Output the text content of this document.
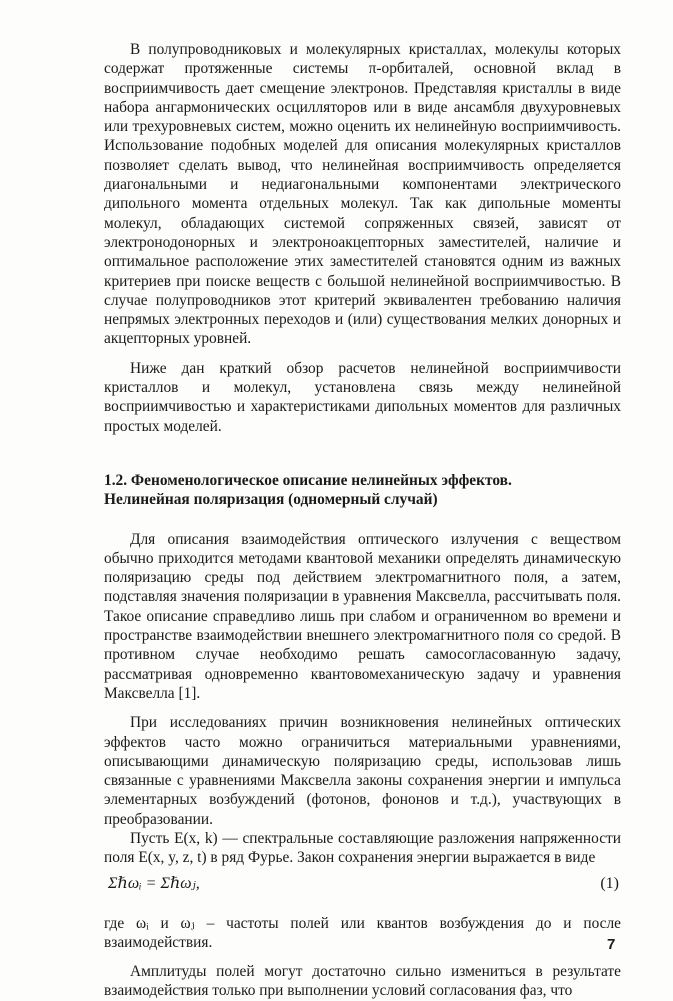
В полупроводниковых и молекулярных кристаллах, молекулы которых содержат протяженные системы π-орбиталей, основной вклад в восприимчивость дает смещение электронов. Представляя кристаллы в виде набора ангармонических осцилляторов или в виде ансамбля двухуровневых или трехуровневых систем, можно оценить их нелинейную восприимчивость. Использование подобных моделей для описания молекулярных кристаллов позволяет сделать вывод, что нелинейная восприимчивость определяется диагональными и недиагональными компонентами электрического дипольного момента отдельных молекул. Так как дипольные моменты молекул, обладающих системой сопряженных связей, зависят от электронодонорных и электроноакцепторных заместителей, наличие и оптимальное расположение этих заместителей становятся одним из важных критериев при поиске веществ с большой нелинейной восприимчивостью. В случае полупроводников этот критерий эквивалентен требованию наличия непрямых электронных переходов и (или) существования мелких донорных и акцепторных уровней.

Ниже дан краткий обзор расчетов нелинейной восприимчивости кристаллов и молекул, установлена связь между нелинейной восприимчивостью и характеристиками дипольных моментов для различных простых моделей.

1.2. Феноменологическое описание нелинейных эффектов.
Нелинейная поляризация (одномерный случай)

Для описания взаимодействия оптического излучения с веществом обычно приходится методами квантовой механики определять динамическую поляризацию среды под действием электромагнитного поля, а затем, подставляя значения поляризации в уравнения Максвелла, рассчитывать поля. Такое описание справедливо лишь при слабом и ограниченном во времени и пространстве взаимодействии внешнего электромагнитного поля со средой. В противном случае необходимо решать самосогласованную задачу, рассматривая одновременно квантовомеханическую задачу и уравнения Максвелла [1].

При исследованиях причин возникновения нелинейных оптических эффектов часто можно ограничиться материальными уравнениями, описывающими динамическую поляризацию среды, использовав лишь связанные с уравнениями Максвелла законы сохранения энергии и импульса элементарных возбуждений (фотонов, фононов и т.д.), участвующих в преобразовании.

Пусть E(x, k) — спектральные составляющие разложения напряженности поля E(x, y, z, t) в ряд Фурье. Закон сохранения энергии выражается в виде

Σℏωᵢ = Σℏωⱼ,	(1)

где ωᵢ и ωⱼ – частоты полей или квантов возбуждения до и после взаимодействия.

Амплитуды полей могут достаточно сильно измениться в результате взаимодействия только при выполнении условий согласования фаз, что

7
